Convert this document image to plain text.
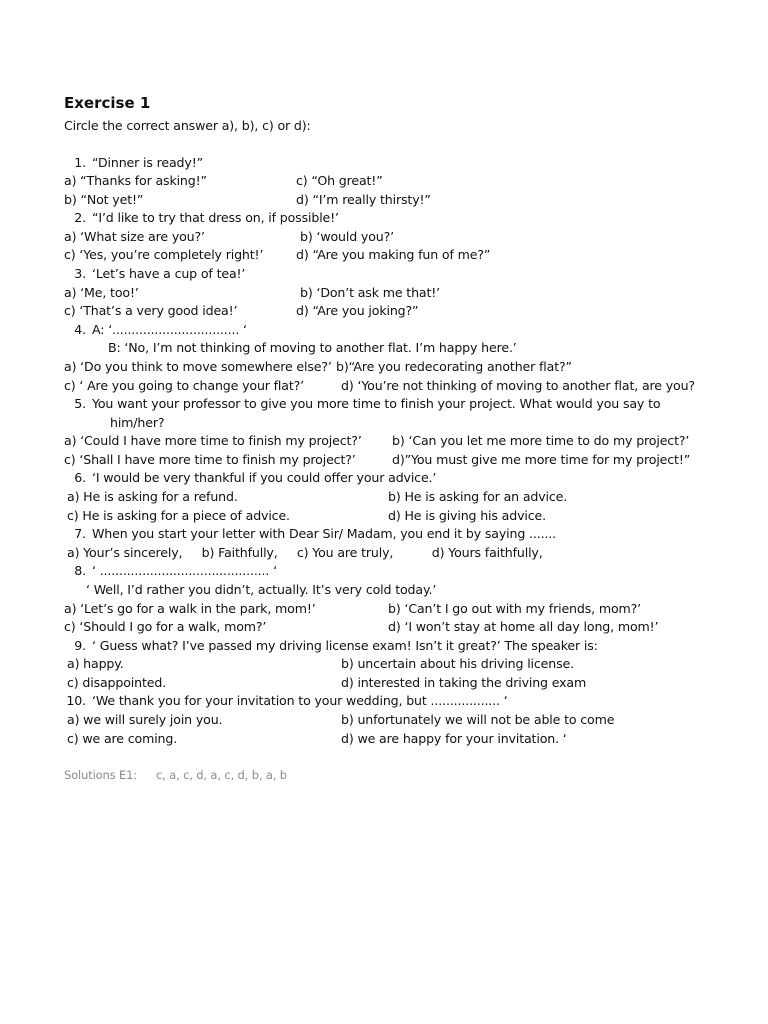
Exercise 1
Circle the correct answer a), b), c) or d):
1. “Dinner is ready!”
a) “Thanks for asking!”	c) “Oh great!”
b) “Not yet!”	d) “I’m really thirsty!”
2. “I’d like to try that dress on, if possible!’
a) ‘What size are you?’	b) ‘would you?’
c) ‘Yes, you’re completely right!’	d) “Are you making fun of me?”
3. ‘Let’s have a cup of tea!’
a) ‘Me, too!’	b) ‘Don’t ask me that!’
c) ‘That’s a very good idea!’	d) “Are you joking?”
4. A: ‘................................. ‘
B: ‘No, I’m not thinking of moving to another flat. I’m happy here.’
a) ‘Do you think to move somewhere else?’ b)“Are you redecorating another flat?”
c) ‘ Are you going to change your flat?’	d) ‘You’re not thinking of moving to another flat, are you?
5. You want your professor to give you more time to finish your project. What would you say to
him/her?
a) ‘Could I have more time to finish my project?’ b) ‘Can you let me more time to do my project?’
c) ‘Shall I have more time to finish my project?’	d)”You must give me more time for my project!”
6. ‘I would be very thankful if you could offer your advice.’
a) He is asking for a refund.	b) He is asking for an advice.
c) He is asking for a piece of advice.	d) He is giving his advice.
7. When you start your letter with Dear Sir/ Madam, you end it by saying .......
a) Your’s sincerely,     b) Faithfully,     c) You are truly,          d) Yours faithfully,
8. ‘ ............................................ ‘
‘ Well, I’d rather you didn’t, actually. It’s very cold today.’
a) ‘Let’s go for a walk in the park, mom!’	b) ‘Can’t I go out with my friends, mom?’
c) ‘Should I go for a walk, mom?’	d) ‘I won’t stay at home all day long, mom!’
9. ‘ Guess what? I’ve passed my driving license exam! Isn’t it great?’ The speaker is:
a) happy.	b) uncertain about his driving license.
c) disappointed.	d) interested in taking the driving exam
10. ‘We thank you for your invitation to your wedding, but .................. ‘
a) we will surely join you.	b) unfortunately we will not be able to come
c) we are coming.	d) we are happy for your invitation. ‘
Solutions E1: c, a, c, d, a, c, d, b, a, b
